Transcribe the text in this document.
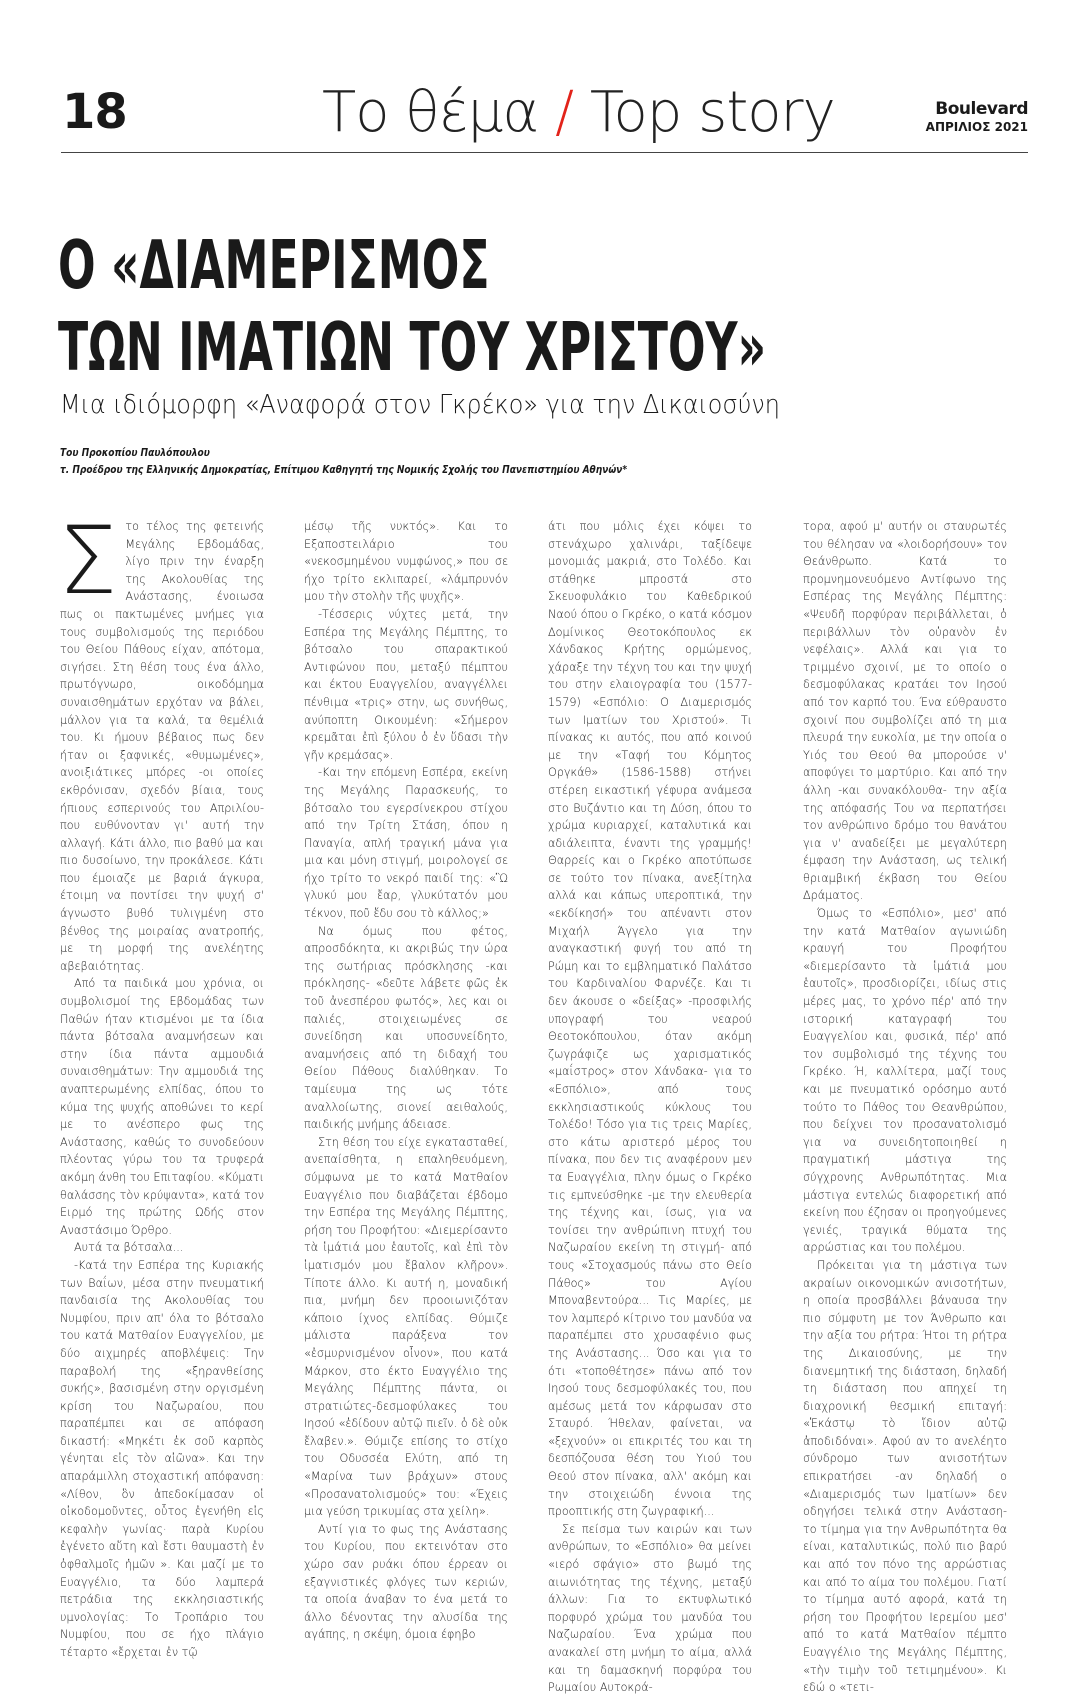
18	Το θέμα / Top story	Boulevard
ΑΠΡΙΛΙΟΣ 2021
Ο «ΔΙΑΜΕΡΙΣΜΟΣ
ΤΩΝ ΙΜΑΤΙΩΝ ΤΟΥ ΧΡΙΣΤΟΥ»
Μια ιδιόμορφη «Αναφορά στον Γκρέκο» για την Δικαιοσύνη
Του Προκοπίου Παυλόπουλου
τ. Προέδρου της Ελληνικής Δημοκρατίας, Επίτιμου Καθηγητή της Νομικής Σχολής του Πανεπιστημίου Αθηνών*
Σ το τέλος της φετεινής Μεγάλης Εβδομάδας, λίγο πριν την έναρξη της Ακολουθίας της Ανάστασης, ένοιωσα πως οι πακτωμένες μνήμες για τους συμβολισμούς της περιόδου του Θείου Πάθους είχαν, απότομα, σιγήσει. Στη θέση τους ένα άλλο, πρωτόγνωρο, οικοδόμημα συναισθημάτων ερχόταν να βάλει, μάλλον για τα καλά, τα θεμέλιά του. Κι ήμουν βέβαιος πως δεν ήταν οι ξαφνικές, «θυμωμένες», ανοιξιάτικες μπόρες -οι οποίες εκθρόνισαν, σχεδόν βίαια, τους ήπιους εσπερινούς του Απριλίου- που ευθύνονταν γι' αυτή την αλλαγή. Κάτι άλλο, πιο βαθύ μα και πιο δυσοίωνο, την προκάλεσε. Κάτι που έμοιαζε με βαριά άγκυρα, έτοιμη να ποντίσει την ψυχή σ' άγνωστο βυθό τυλιγμένη στο βένθος της μοιραίας ανατροπής, με τη μορφή της ανελέητης αβεβαιότητας.

Από τα παιδικά μου χρόνια, οι συμβολισμοί της Εβδομάδας των Παθών ήταν κτισμένοι με τα ίδια πάντα βότσαλα αναμνήσεων και στην ίδια πάντα αμμουδιά συναισθημάτων: Την αμμουδιά της αναπτερωμένης ελπίδας, όπου το κύμα της ψυχής αποθώνει το κερί με το ανέσπερο φως της Ανάστασης, καθώς το συνοδεύουν πλέοντας γύρω του τα τρυφερά ακόμη άνθη του Επιταφίου. «Κύματι θαλάσσης τὸν κρύψαντα», κατά τον Ειρμό της πρώτης Ωδής στον Αναστάσιμο Όρθρο.

Αυτά τα βότσαλα...

-Κατά την Εσπέρα της Κυριακής των Βαΐων, μέσα στην πνευματική πανδαισία της Ακολουθίας του Νυμφίου, πριν απ' όλα το βότσαλο του κατά Ματθαίον Ευαγγελίου, με δύο αιχμηρές αποβλέψεις: Την παραβολή της «ξηρανθείσης συκής», βασισμένη στην οργισμένη κρίση του Ναζωραίου, που παραπέμπει και σε απόφαση δικαστή: «Μηκέτι ἐκ σοῦ καρπὸς γένηται εἰς τὸν αἰῶνα». Και την απαράμιλλη στοχαστική απόφανση: «Λίθον, ὃν ἀπεδοκίμασαν οἱ οἰκοδομοῦντες, οὗτος ἐγενήθη εἰς κεφαλὴν γωνίας· παρὰ Κυρίου ἐγένετο αὕτη καὶ ἔστι θαυμαστὴ ἐν ὀφθαλμοῖς ἡμῶν ». Και μαζί με το Ευαγγέλιο, τα δύο λαμπερά πετράδια της εκκλησιαστικής υμνολογίας: Το Τροπάριο του Νυμφίου, που σε ήχο πλάγιο τέταρτο «ἔρχεται ἐν τῷ

μέσῳ τῆς νυκτός». Και το Εξαποστειλάριο του «νεκοσμημένου νυμφώνος,» που σε ήχο τρίτο εκλιπαρεί, «λάμπρυνόν μου τὴν στολὴν τῆς ψυχῆς».

-Τέσσερις νύχτες μετά, την Εσπέρα της Μεγάλης Πέμπτης, το βότσαλο του σπαρακτικού Αντιφώνου που, μεταξύ πέμπτου και έκτου Ευαγγελίου, αναγγέλλει πένθιμα «τρις» στην, ως συνήθως, ανύποπτη Οικουμένη: «Σήμερον κρεμᾶται ἐπὶ ξύλου ὁ ἐν ὕδασι τὴν γῆν κρεμάσας».

-Και την επόμενη Εσπέρα, εκείνη της Μεγάλης Παρασκευής, το βότσαλο του εγερσίνεκρου στίχου από την Τρίτη Στάση, όπου η Παναγία, απλή τραγική μάνα για μια και μόνη στιγμή, μοιρολογεί σε ήχο τρίτο το νεκρό παιδί της: «Ὢ γλυκύ μου ἔαρ, γλυκύτατόν μου τέκνον, ποῦ ἔδυ σου τὸ κάλλος;»

Να όμως που φέτος, απροσδόκητα, κι ακριβώς την ώρα της σωτήριας πρόσκλησης -και πρόκλησης- «δεῦτε λάβετε φῶς ἐκ τοῦ ἀνεσπέρου φωτός», λες και οι παλιές, στοιχειωμένες σε συνείδηση και υποσυνείδητο, αναμνήσεις από τη διδαχή του Θείου Πάθους διαλύθηκαν. Το ταμίευμα της ως τότε αναλλοίωτης, σιονεί αειθαλούς, παιδικής μνήμης άδειασε.

Στη θέση του είχε εγκατασταθεί, ανεπαίσθητα, η επαληθευόμενη, σύμφωνα με το κατά Ματθαίον Ευαγγέλιο που διαβάζεται έβδομο την Εσπέρα της Μεγάλης Πέμπτης, ρήση του Προφήτου: «Διεμερίσαντο τὰ ἱμάτιά μου ἑαυτοῖς, καὶ ἐπὶ τὸν ἱματισμόν μου ἔβαλον κλῆρον». Τίποτε άλλο. Κι αυτή η, μοναδική πια, μνήμη δεν προοιωνιζόταν κάποιο ίχνος ελπίδας. Θύμιζε μάλιστα παράξενα τον «ἐσμυρνισμένον οἶνον», που κατά Μάρκον, στο έκτο Ευαγγέλιο της Μεγάλης Πέμπτης πάντα, οι στρατιώτες-δεσμοφύλακες του Ιησού «ἐδίδουν αὐτῷ πιεῖν. ὁ δὲ οὐκ ἔλαβεν.». Θύμιζε επίσης το στίχο του Οδυσσέα Ελύτη, από τη «Μαρίνα των βράχων» στους «Προσανατολισμούς» του: «Έχεις μια γεύση τρικυμίας στα χείλη».

Αντί για το φως της Ανάστασης του Κυρίου, που εκτεινόταν στο χώρο σαν ρυάκι όπου έρρεαν οι εξαγνιστικές φλόγες των κεριών, τα οποία άναβαν το ένα μετά το άλλο δένοντας την αλυσίδα της αγάπης, η σκέψη, όμοια έφηβο

άτι που μόλις έχει κόψει το στενάχωρο χαλινάρι, ταξίδεψε μονομιάς μακριά, στο Τολέδο. Και στάθηκε μπροστά στο Σκευοφυλάκιο του Καθεδρικού Ναού όπου ο Γκρέκο, ο κατά κόσμον Δομίνικος Θεοτοκόπουλος εκ Χάνδακος Κρήτης ορμώμενος, χάραξε την τέχνη του και την ψυχή του στην ελαιογραφία του (1577-1579) «Εσπόλιο: Ο Διαμερισμός των Ιματίων του Χριστού». Τι πίνακας κι αυτός, που από κοινού με την «Ταφή του Κόμητος Οργκάθ» (1586-1588) στήνει στέρεη εικαστική γέφυρα ανάμεσα στο Βυζάντιο και τη Δύση, όπου το χρώμα κυριαρχεί, καταλυτικά και αδιάλειπτα, έναντι της γραμμής! Θαρρείς και ο Γκρέκο αποτύπωσε σε τούτο τον πίνακα, ανεξίτηλα αλλά και κάπως υπεροπτικά, την «εκδίκησή» του απέναντι στον Μιχαήλ Άγγελο για την αναγκαστική φυγή του από τη Ρώμη και το εμβληματικό Παλάτσο του Καρδιναλίου Φαρνέζε. Και τι δεν άκουσε ο «δείξας» -προσφιλής υπογραφή του νεαρού Θεοτοκόπουλου, όταν ακόμη ζωγράφιζε ως χαρισματικός «μαΐστρος» στον Χάνδακα- για το «Εσπόλιο», από τους εκκλησιαστικούς κύκλους του Τολέδο! Τόσο για τις τρεις Μαρίες, στο κάτω αριστερό μέρος του πίνακα, που δεν τις αναφέρουν μεν τα Ευαγγέλια, πλην όμως ο Γκρέκο τις εμπνεύσθηκε -με την ελευθερία της τέχνης και, ίσως, για να τονίσει την ανθρώπινη πτυχή του Ναζωραίου εκείνη τη στιγμή- από τους «Στοχασμούς πάνω στο Θείο Πάθος» του Αγίου Μποναβεντούρα... Τις Μαρίες, με τον λαμπερό κίτρινο του μανδύα να παραπέμπει στο χρυσαφένιο φως της Ανάστασης... Όσο και για το ότι «τοποθέτησε» πάνω από τον Ιησού τους δεσμοφύλακές του, που αμέσως μετά τον κάρφωσαν στο Σταυρό. Ήθελαν, φαίνεται, να «ξεχνούν» οι επικριτές του και τη δεσπόζουσα θέση του Υιού του Θεού στον πίνακα, αλλ' ακόμη και την στοιχειώδη έννοια της προοπτικής στη ζωγραφική...

Σε πείσμα των καιρών και των ανθρώπων, το «Εσπόλιο» θα μείνει «ιερό σφάγιο» στο βωμό της αιωνιότητας της τέχνης, μεταξύ άλλων: Για το εκτυφλωτικό πορφυρό χρώμα του μανδύα του Ναζωραίου. Ένα χρώμα που ανακαλεί στη μνήμη το αίμα, αλλά και τη δαμασκηνή πορφύρα του Ρωμαίου Αυτοκρά-

τορα, αφού μ' αυτήν οι σταυρωτές του θέλησαν να «λοιδορήσουν» τον Θεάνθρωπο. Κατά το προμνημονευόμενο Αντίφωνο της Εσπέρας της Μεγάλης Πέμπτης: «Ψευδῆ πορφύραν περιβάλλεται, ὁ περιβάλλων τὸν οὐρανὸν ἐν νεφέλαις». Αλλά και για το τριμμένο σχοινί, με το οποίο ο δεσμοφύλακας κρατάει τον Ιησού από τον καρπό του. Ένα εύθραυστο σχοινί που συμβολίζει από τη μια πλευρά την ευκολία, με την οποία ο Υιός του Θεού θα μπορούσε ν' αποφύγει το μαρτύριο. Και από την άλλη -και συνακόλουθα- την αξία της απόφασής Του να περπατήσει τον ανθρώπινο δρόμο του θανάτου για ν' αναδείξει με μεγαλύτερη έμφαση την Ανάσταση, ως τελική θριαμβική έκβαση του Θείου Δράματος.

Όμως το «Εσπόλιο», μεσ' από την κατά Ματθαίον αγωνιώδη κραυγή του Προφήτου «διεμερίσαντο τὰ ἱμάτιά μου ἑαυτοῖς», προσδιορίζει, ιδίως στις μέρες μας, το χρόνο πέρ' από την ιστορική καταγραφή του Ευαγγελίου και, φυσικά, πέρ' από τον συμβολισμό της τέχνης του Γκρέκο. Ή, καλλίτερα, μαζί τους και με πνευματικό ορόσημο αυτό τούτο το Πάθος του Θεανθρώπου, που δείχνει τον προσανατολισμό για να συνειδητοποιηθεί η πραγματική μάστιγα της σύγχρονης Ανθρωπότητας. Μια μάστιγα εντελώς διαφορετική από εκείνη που έζησαν οι προηγούμενες γενιές, τραγικά θύματα της αρρώστιας και του πολέμου.

Πρόκειται για τη μάστιγα των ακραίων οικονομικών ανισοτήτων, η οποία προσβάλλει βάναυσα την πιο σύμφυτη με τον Άνθρωπο και την αξία του ρήτρα: Ήτοι τη ρήτρα της Δικαιοσύνης, με την διανεμητική της διάσταση, δηλαδή τη διάσταση που απηχεί τη διαχρονική θεσμική επιταγή: «Ἑκάστῳ τὸ ἴδιον αὐτῷ ἀποδιδόναι». Αφού αν το ανελέητο σύνδρομο των ανισοτήτων επικρατήσει -αν δηλαδή ο «Διαμερισμός των Ιματίων» δεν οδηγήσει τελικά στην Ανάσταση- το τίμημα για την Ανθρωπότητα θα είναι, καταλυτικώς, πολύ πιο βαρύ και από τον πόνο της αρρώστιας και από το αίμα του πολέμου. Γιατί το τίμημα αυτό αφορά, κατά τη ρήση του Προφήτου Ιερεμίου μεσ' από το κατά Ματθαίον πέμπτο Ευαγγέλιο της Μεγάλης Πέμπτης, «τὴν τιμὴν τοῦ τετιμημένου». Κι εδώ ο «τετι-
